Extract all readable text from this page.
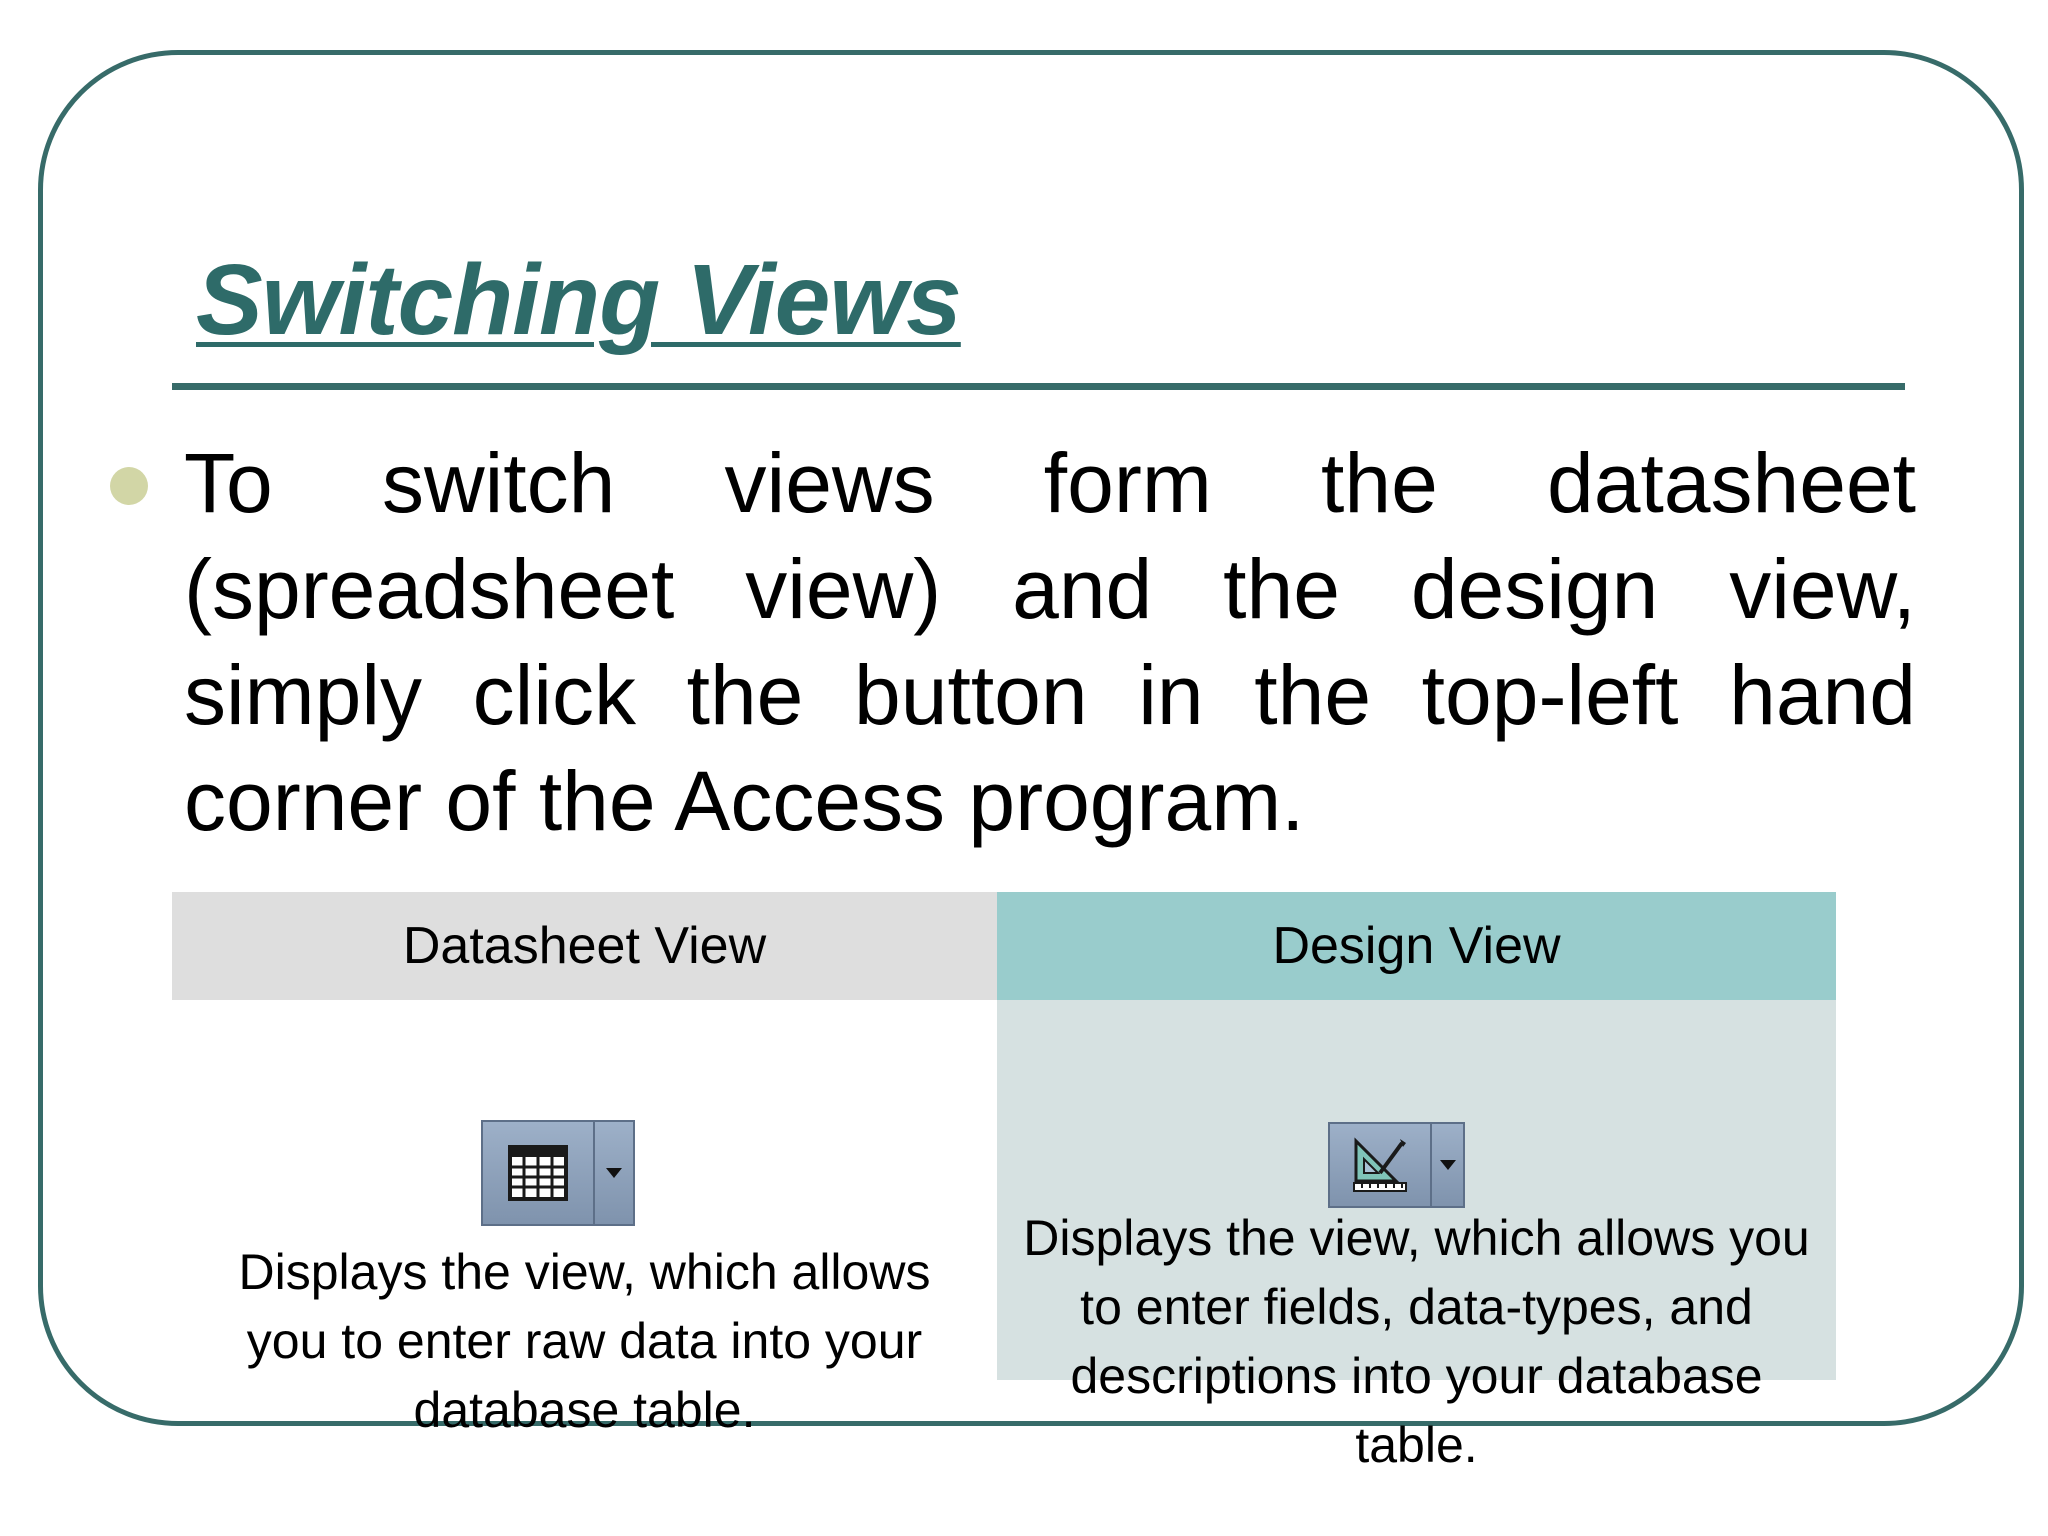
Switching Views

To switch views form the datasheet (spreadsheet view) and the design view, simply click the button in the top-left hand corner of the Access program.

Datasheet View

Displays the view, which allows you to enter raw data into your database table.

Design View

Displays the view, which allows you to enter fields, data-types, and descriptions into your database table.
